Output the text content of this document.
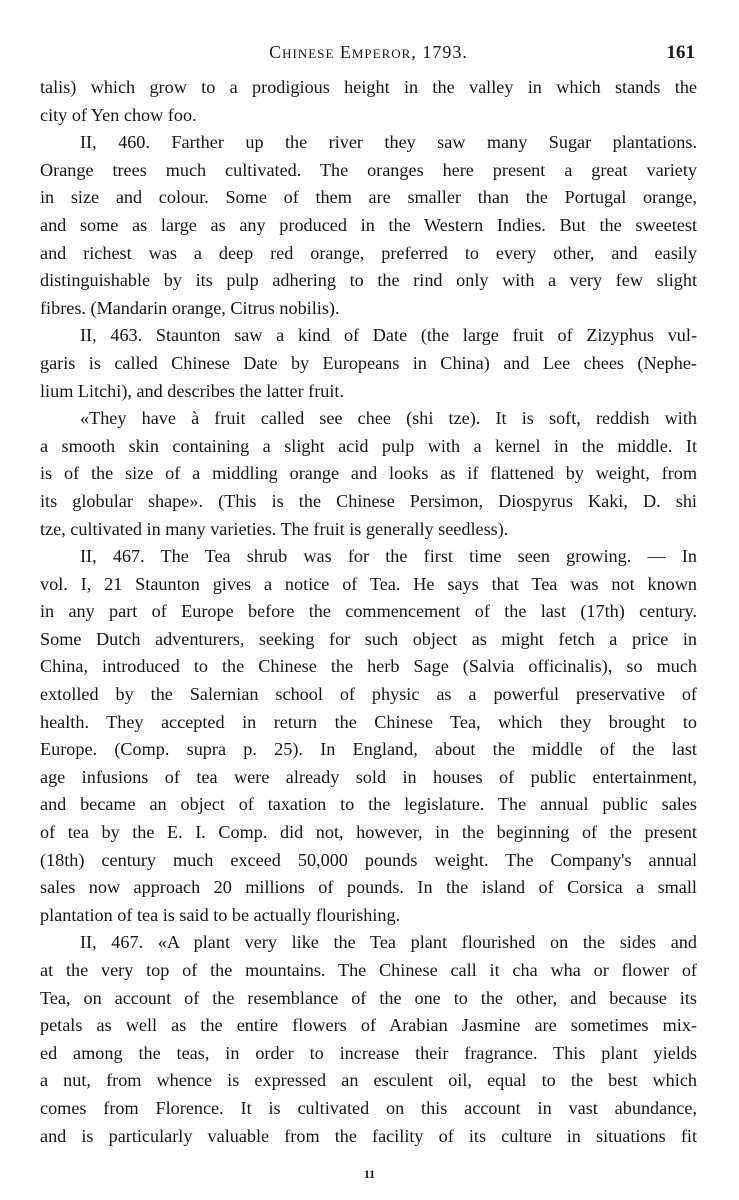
Chinese Emperor, 1793.	161
talis) which grow to a prodigious height in the valley in which stands the
city of Yen chow foo.
II, 460. Farther up the river they saw many Sugar plantations.
Orange trees much cultivated. The oranges here present a great variety
in size and colour. Some of them are smaller than the Portugal orange,
and some as large as any produced in the Western Indies. But the sweetest
and richest was a deep red orange, preferred to every other, and easily
distinguishable by its pulp adhering to the rind only with a very few slight
fibres. (Mandarin orange, Citrus nobilis).
II, 463. Staunton saw a kind of Date (the large fruit of Zizyphus vul-
garis is called Chinese Date by Europeans in China) and Lee chees (Nephe-
lium Litchi), and describes the latter fruit.
«They have à fruit called see chee (shi tze). It is soft, reddish with
a smooth skin containing a slight acid pulp with a kernel in the middle. It
is of the size of a middling orange and looks as if flattened by weight, from
its globular shape». (This is the Chinese Persimon, Diospyrus Kaki, D. shi
tze, cultivated in many varieties. The fruit is generally seedless).
II, 467. The Tea shrub was for the first time seen growing. — In
vol. I, 21 Staunton gives a notice of Tea. He says that Tea was not known
in any part of Europe before the commencement of the last (17th) century.
Some Dutch adventurers, seeking for such object as might fetch a price in
China, introduced to the Chinese the herb Sage (Salvia officinalis), so much
extolled by the Salernian school of physic as a powerful preservative of
health. They accepted in return the Chinese Tea, which they brought to
Europe. (Comp. supra p. 25). In England, about the middle of the last
age infusions of tea were already sold in houses of public entertainment,
and became an object of taxation to the legislature. The annual public sales
of tea by the E. I. Comp. did not, however, in the beginning of the present
(18th) century much exceed 50,000 pounds weight. The Company's annual
sales now approach 20 millions of pounds. In the island of Corsica a small
plantation of tea is said to be actually flourishing.
II, 467. «A plant very like the Tea plant flourished on the sides and
at the very top of the mountains. The Chinese call it cha wha or flower of
Tea, on account of the resemblance of the one to the other, and because its
petals as well as the entire flowers of Arabian Jasmine are sometimes mix-
ed among the teas, in order to increase their fragrance. This plant yields
a nut, from whence is expressed an esculent oil, equal to the best which
comes from Florence. It is cultivated on this account in vast abundance,
and is particularly valuable from the facility of its culture in situations fit
11
